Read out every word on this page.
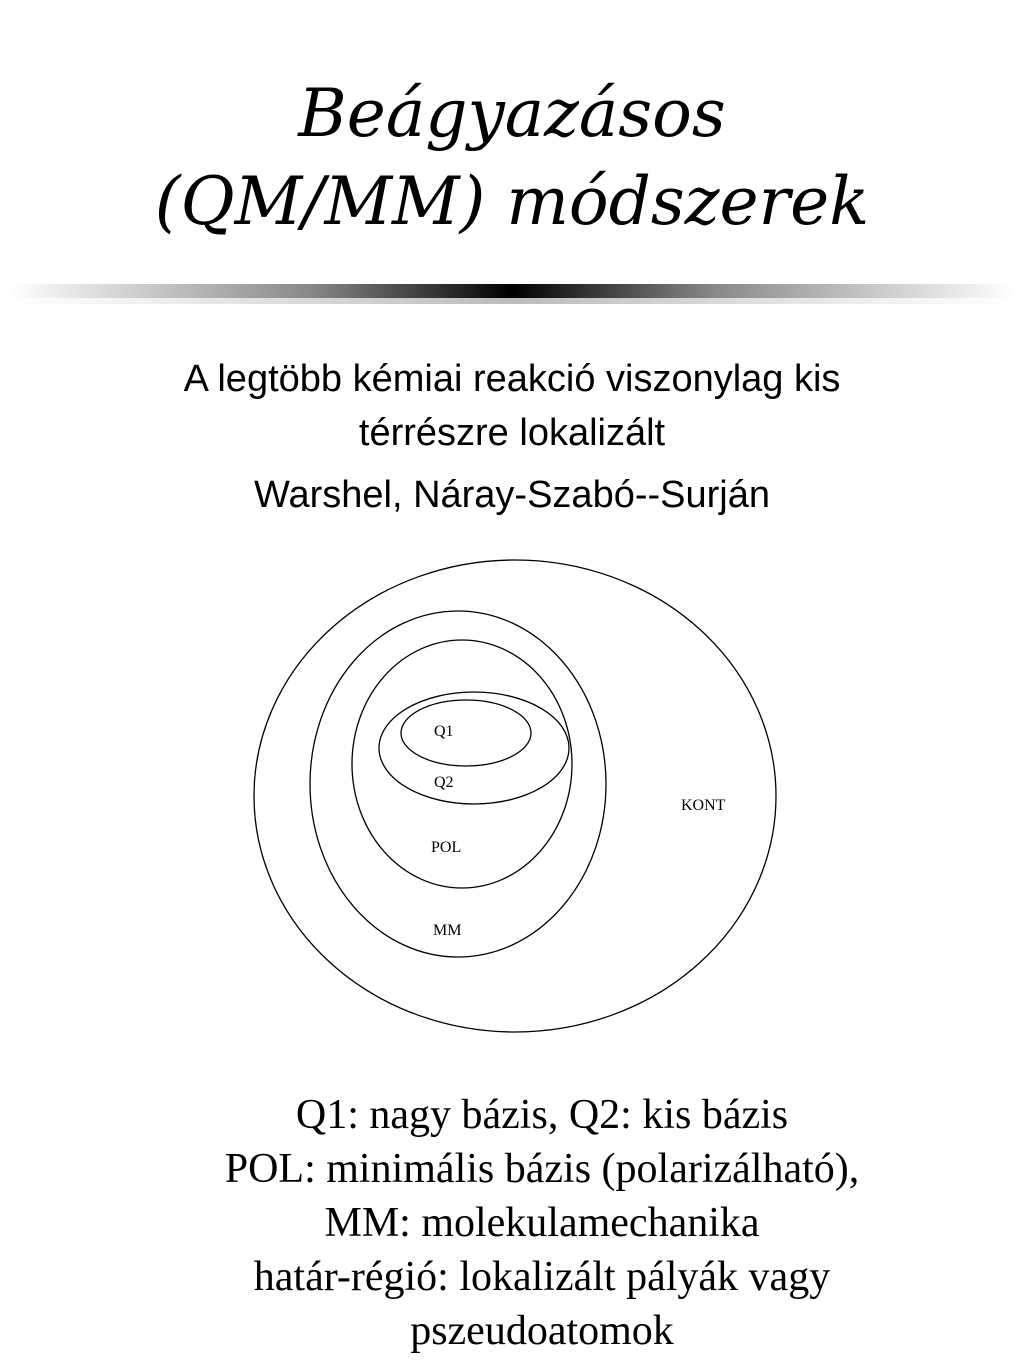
Beágyazásos
(QM/MM) módszerek

A legtöbb kémiai reakció viszonylag kis

térrészre lokalizált

Warshel, Náray-Szabó--Surján

Q1
Q2
POL
MM
KONT

Q1: nagy bázis, Q2: kis bázis

POL: minimális bázis (polarizálható),

MM: molekulamechanika

határ-régió: lokalizált pályák vagy

pszeudoatomok
